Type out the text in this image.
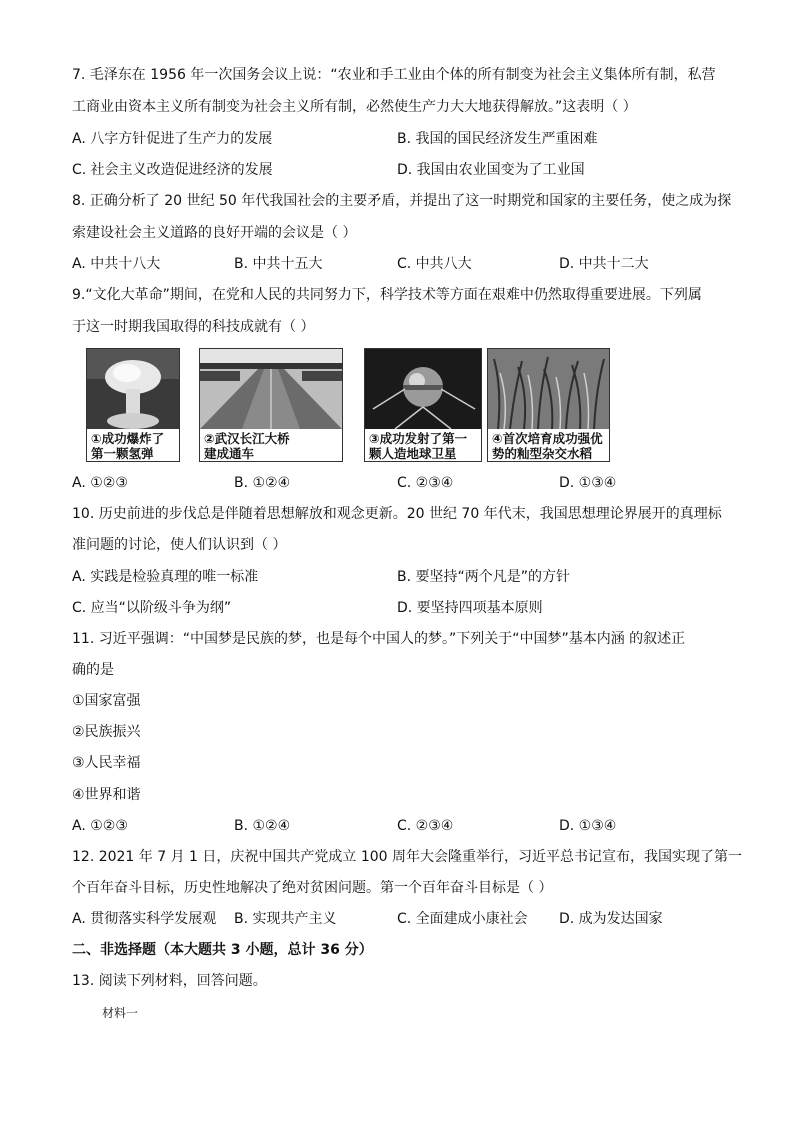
7. 毛泽东在 1956 年一次国务会议上说：“农业和手工业由个体的所有制变为社会主义集体所有制，私营
工商业由资本主义所有制变为社会主义所有制，必然使生产力大大地获得解放。”这表明（ ）
A. 八字方针促进了生产力的发展	B. 我国的国民经济发生严重困难
C. 社会主义改造促进经济的发展	D. 我国由农业国变为了工业国
8. 正确分析了 20 世纪 50 年代我国社会的主要矛盾，并提出了这一时期党和国家的主要任务，使之成为探
索建设社会主义道路的良好开端的会议是（ ）
A. 中共十八大	B. 中共十五大	C. 中共八大	D. 中共十二大
9.“文化大革命”期间，在党和人民的共同努力下，科学技术等方面在艰难中仍然取得重要进展。下列属
于这一时期我国取得的科技成就有（ ）
①成功爆炸了
第一颗氢弹
②武汉长江大桥
建成通车
③成功发射了第一
颗人造地球卫星
④首次培育成功强优
势的籼型杂交水稻
A. ①②③	B. ①②④	C. ②③④	D. ①③④
10. 历史前进的步伐总是伴随着思想解放和观念更新。20 世纪 70 年代末，我国思想理论界展开的真理标
准问题的讨论，使人们认识到（ ）
A. 实践是检验真理的唯一标准	B. 要坚持“两个凡是”的方针
C. 应当“以阶级斗争为纲”	D. 要坚持四项基本原则
11. 习近平强调：“中国梦是民族的梦，也是每个中国人的梦。”下列关于“中国梦”基本内涵 的叙述正
确的是
①国家富强
②民族振兴
③人民幸福
④世界和谐
A. ①②③	B. ①②④	C. ②③④	D. ①③④
12. 2021 年 7 月 1 日，庆祝中国共产党成立 100 周年大会隆重举行，习近平总书记宣布，我国实现了第一
个百年奋斗目标，历史性地解决了绝对贫困问题。第一个百年奋斗目标是（ ）
A. 贯彻落实科学发展观 B. 实现共产主义	C. 全面建成小康社会 D. 成为发达国家
二、非选择题（本大题共 3 小题，总计 36 分）
13. 阅读下列材料，回答问题。
材料一
